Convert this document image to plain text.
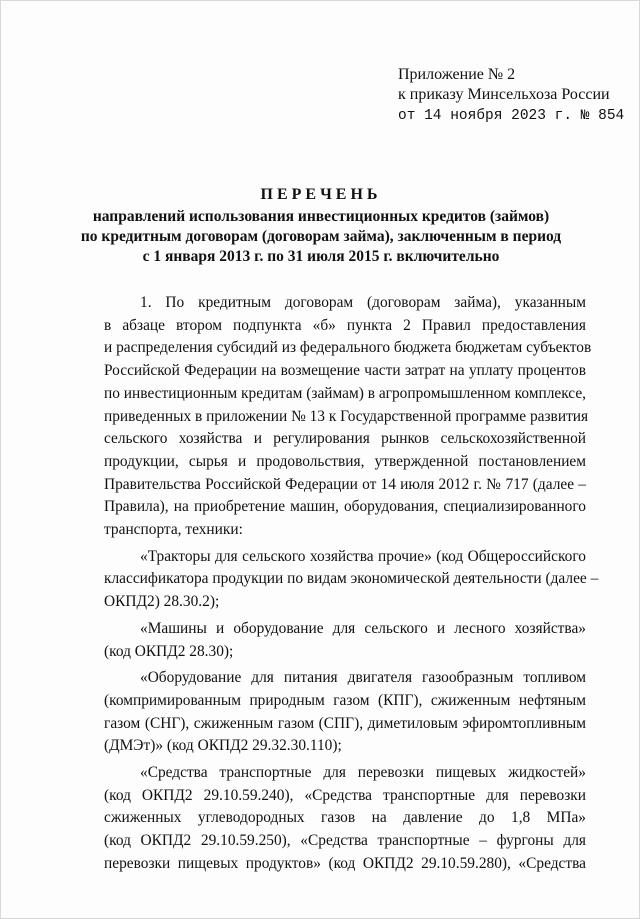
Приложение № 2
к приказу Минсельхоза России
от 14 ноября 2023 г. № 854
ПЕРЕЧЕНЬ
направлений использования инвестиционных кредитов (займов)
по кредитным договорам (договорам займа), заключенным в период
с 1 января 2013 г. по 31 июля 2015 г. включительно
1. По кредитным договорам (договорам займа), указанным
в абзаце втором подпункта «б» пункта 2 Правил предоставления
и распределения субсидий из федерального бюджета бюджетам субъектов
Российской Федерации на возмещение части затрат на уплату процентов
по инвестиционным кредитам (займам) в агропромышленном комплексе,
приведенных в приложении № 13 к Государственной программе развития
сельского хозяйства и регулирования рынков сельскохозяйственной
продукции, сырья и продовольствия, утвержденной постановлением
Правительства Российской Федерации от 14 июля 2012 г. № 717 (далее –
Правила), на приобретение машин, оборудования, специализированного
транспорта, техники:
«Тракторы для сельского хозяйства прочие» (код Общероссийского
классификатора продукции по видам экономической деятельности (далее –
ОКПД2) 28.30.2);
«Машины и оборудование для сельского и лесного хозяйства»
(код ОКПД2 28.30);
«Оборудование для питания двигателя газообразным топливом
(компримированным природным газом (КПГ), сжиженным нефтяным
газом (СНГ), сжиженным газом (СПГ), диметиловым эфиромтопливным
(ДМЭт)» (код ОКПД2 29.32.30.110);
«Средства транспортные для перевозки пищевых жидкостей»
(код ОКПД2 29.10.59.240), «Средства транспортные для перевозки
сжиженных углеводородных газов на давление до 1,8 МПа»
(код ОКПД2 29.10.59.250), «Средства транспортные – фургоны для
перевозки пищевых продуктов» (код ОКПД2 29.10.59.280), «Средства
